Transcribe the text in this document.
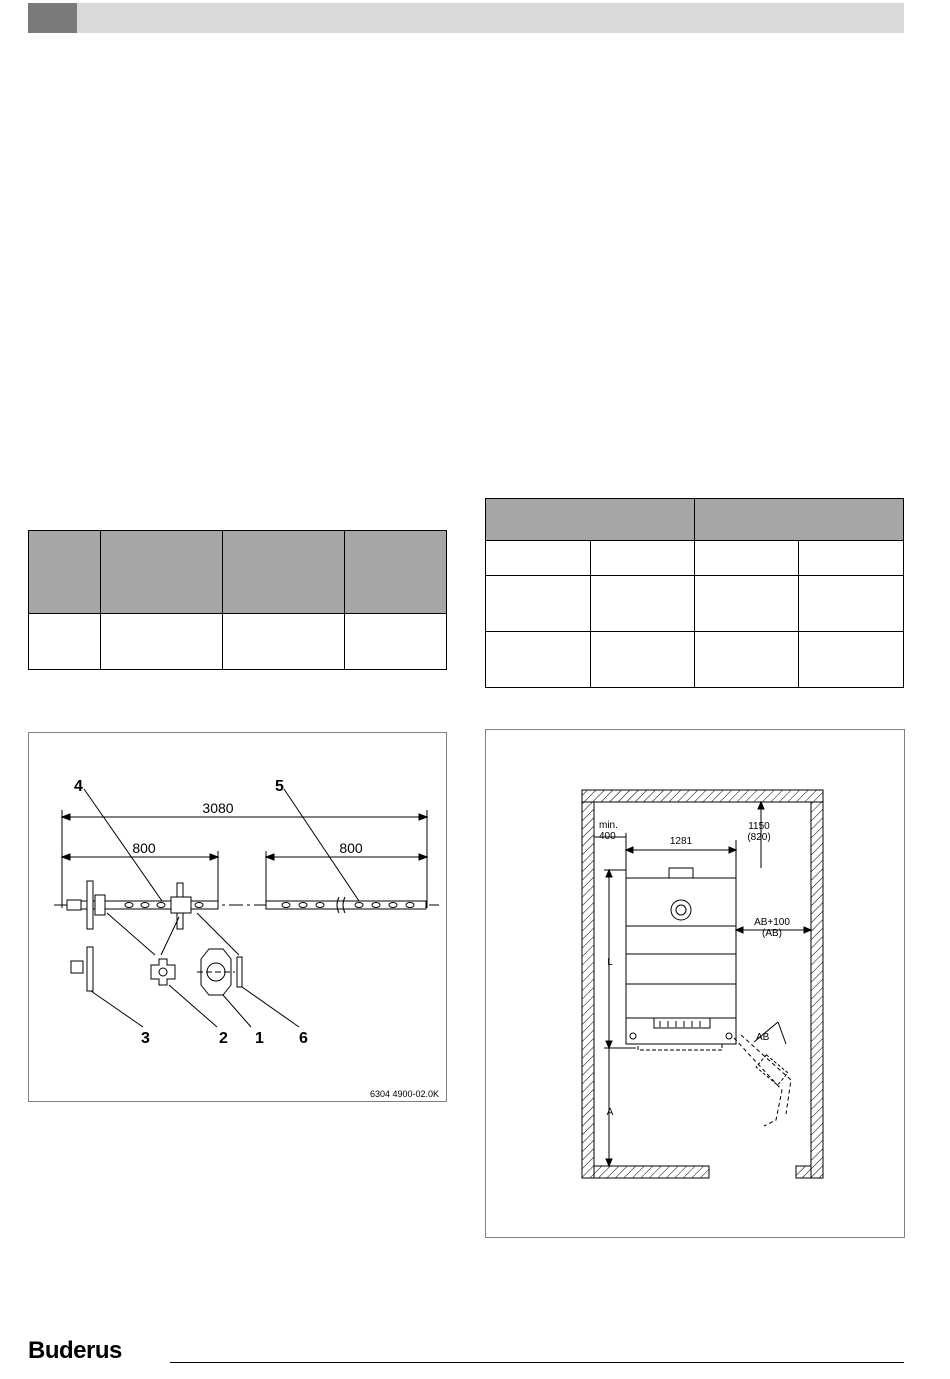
3080
800	800
4	5
3	2 1 6
6304 4900-02.0K
min.
400	1281
1150
(820)
AB+100
(AB)
L
A
AB
Buderus
